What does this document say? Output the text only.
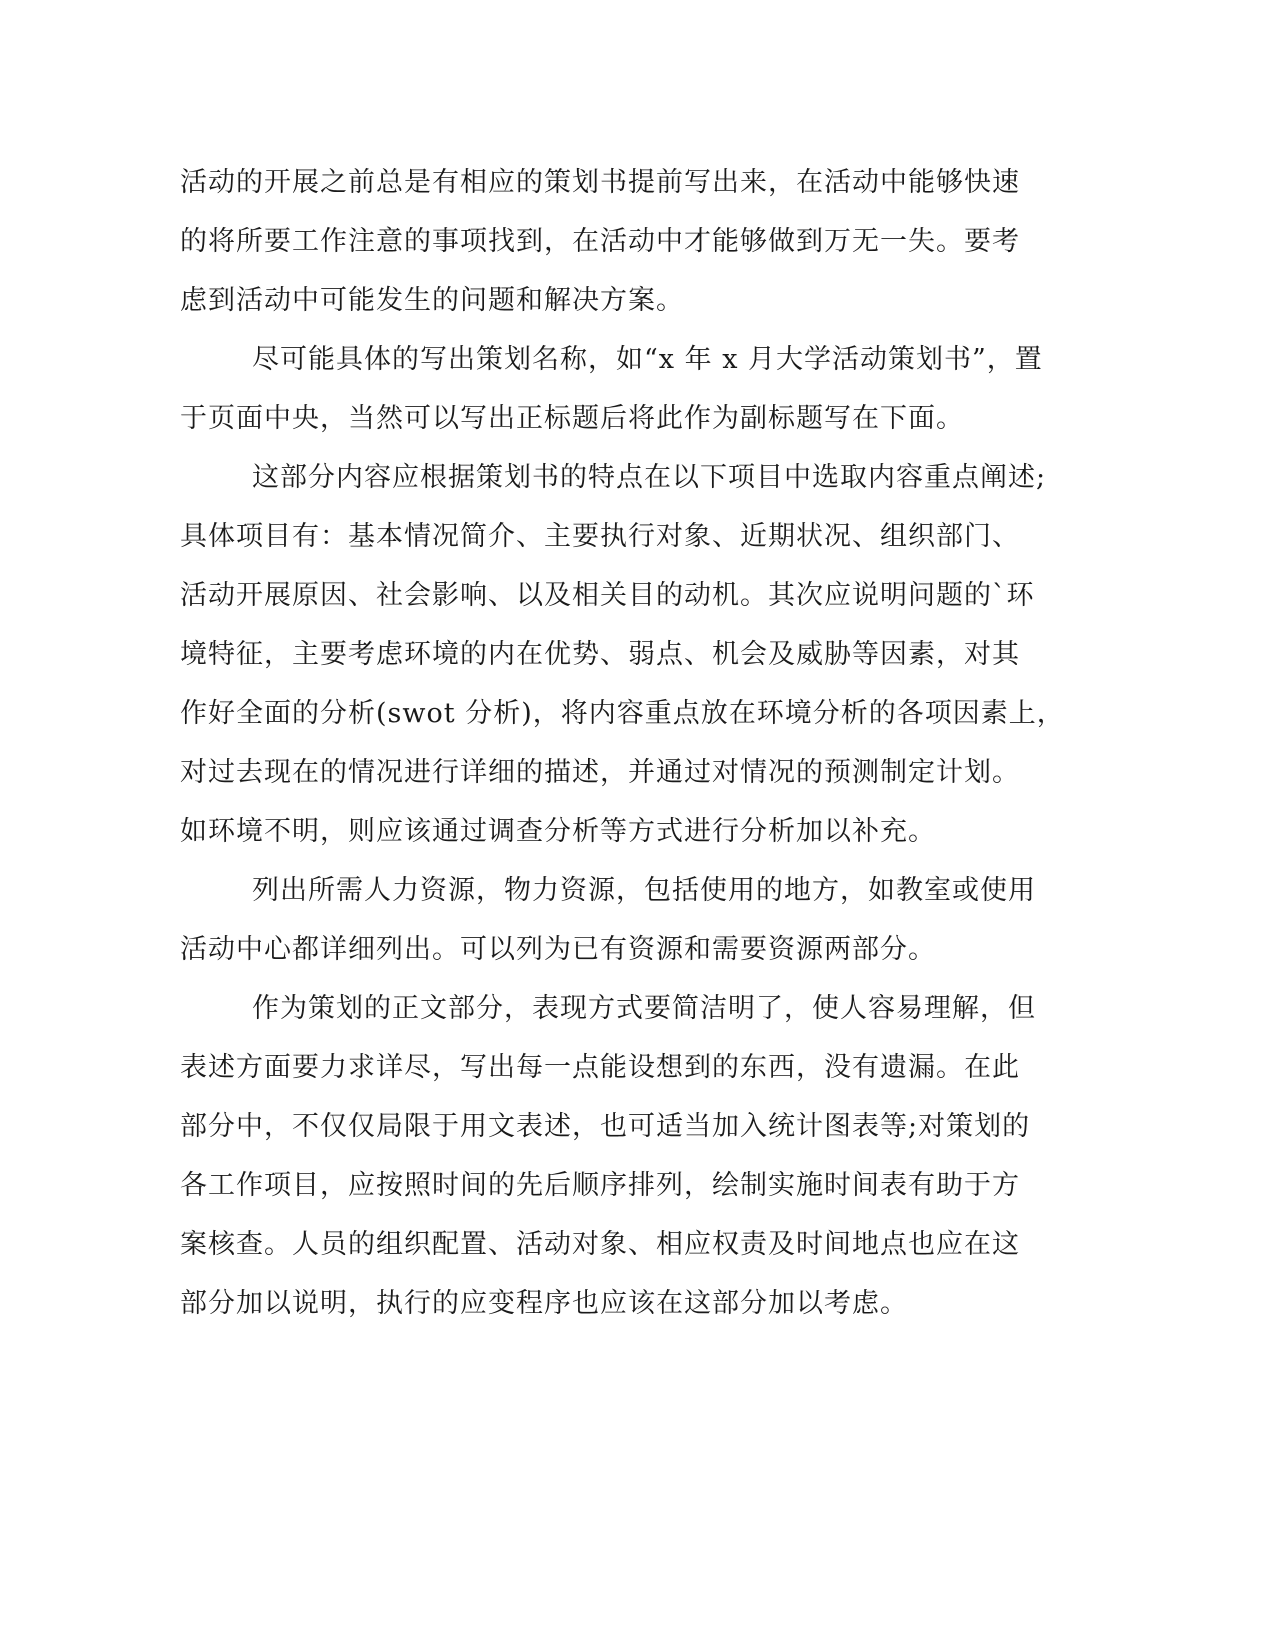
活动的开展之前总是有相应的策划书提前写出来，在活动中能够快速
的将所要工作注意的事项找到，在活动中才能够做到万无一失。要考
虑到活动中可能发生的问题和解决方案。
尽可能具体的写出策划名称，如“x 年 x 月大学活动策划书”，置
于页面中央，当然可以写出正标题后将此作为副标题写在下面。
这部分内容应根据策划书的特点在以下项目中选取内容重点阐述;
具体项目有：基本情况简介、主要执行对象、近期状况、组织部门、
活动开展原因、社会影响、以及相关目的动机。其次应说明问题的`环
境特征，主要考虑环境的内在优势、弱点、机会及威胁等因素，对其
作好全面的分析(swot 分析)，将内容重点放在环境分析的各项因素上，
对过去现在的情况进行详细的描述，并通过对情况的预测制定计划。
如环境不明，则应该通过调查分析等方式进行分析加以补充。
列出所需人力资源，物力资源，包括使用的地方，如教室或使用
活动中心都详细列出。可以列为已有资源和需要资源两部分。
作为策划的正文部分，表现方式要简洁明了，使人容易理解，但
表述方面要力求详尽，写出每一点能设想到的东西，没有遗漏。在此
部分中，不仅仅局限于用文表述，也可适当加入统计图表等;对策划的
各工作项目，应按照时间的先后顺序排列，绘制实施时间表有助于方
案核查。人员的组织配置、活动对象、相应权责及时间地点也应在这
部分加以说明，执行的应变程序也应该在这部分加以考虑。
